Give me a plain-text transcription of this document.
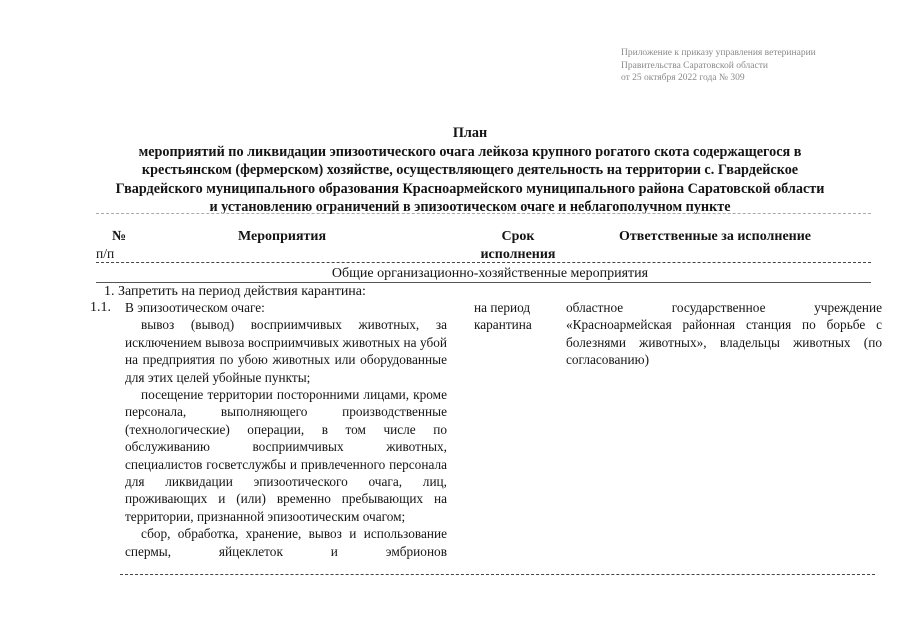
Приложение к приказу управления ветеринарии
Правительства Саратовской области
от 25 октября 2022 года № 309
План
мероприятий по ликвидации эпизоотического очага лейкоза крупного рогатого скота содержащегося в
крестьянском (фермерском) хозяйстве, осуществляющего деятельность на территории с. Гвардейское
Гвардейского муниципального образования Красноармейского муниципального района Саратовской области
и установлению ограничений в эпизоотическом очаге и неблагополучном пункте
№
п/п
Мероприятия	Срок
исполнения
Ответственные за исполнение
Общие организационно-хозяйственные мероприятия
1. Запретить на период действия карантина:
1.1. В эпизоотическом очаге:

вывоз (вывод) восприимчивых животных, за исключением вывоза восприимчивых животных на убой на предприятия по убою животных или оборудованные для этих целей убойные пункты;

посещение территории посторонними лицами, кроме персонала, выполняющего производственные (технологические) операции, в том числе по обслуживанию восприимчивых животных, специалистов госветслужбы и привлеченного персонала для ликвидации эпизоотического очага, лиц, проживающих и (или) временно пребывающих на территории, признанной эпизоотическим очагом;

сбор, обработка, хранение, вывоз и использование спермы, яйцеклеток и эмбрионов

на период карантина
областное государственное учреждение «Красноармейская районная станция по борьбе с болезнями животных», владельцы животных (по согласованию)
